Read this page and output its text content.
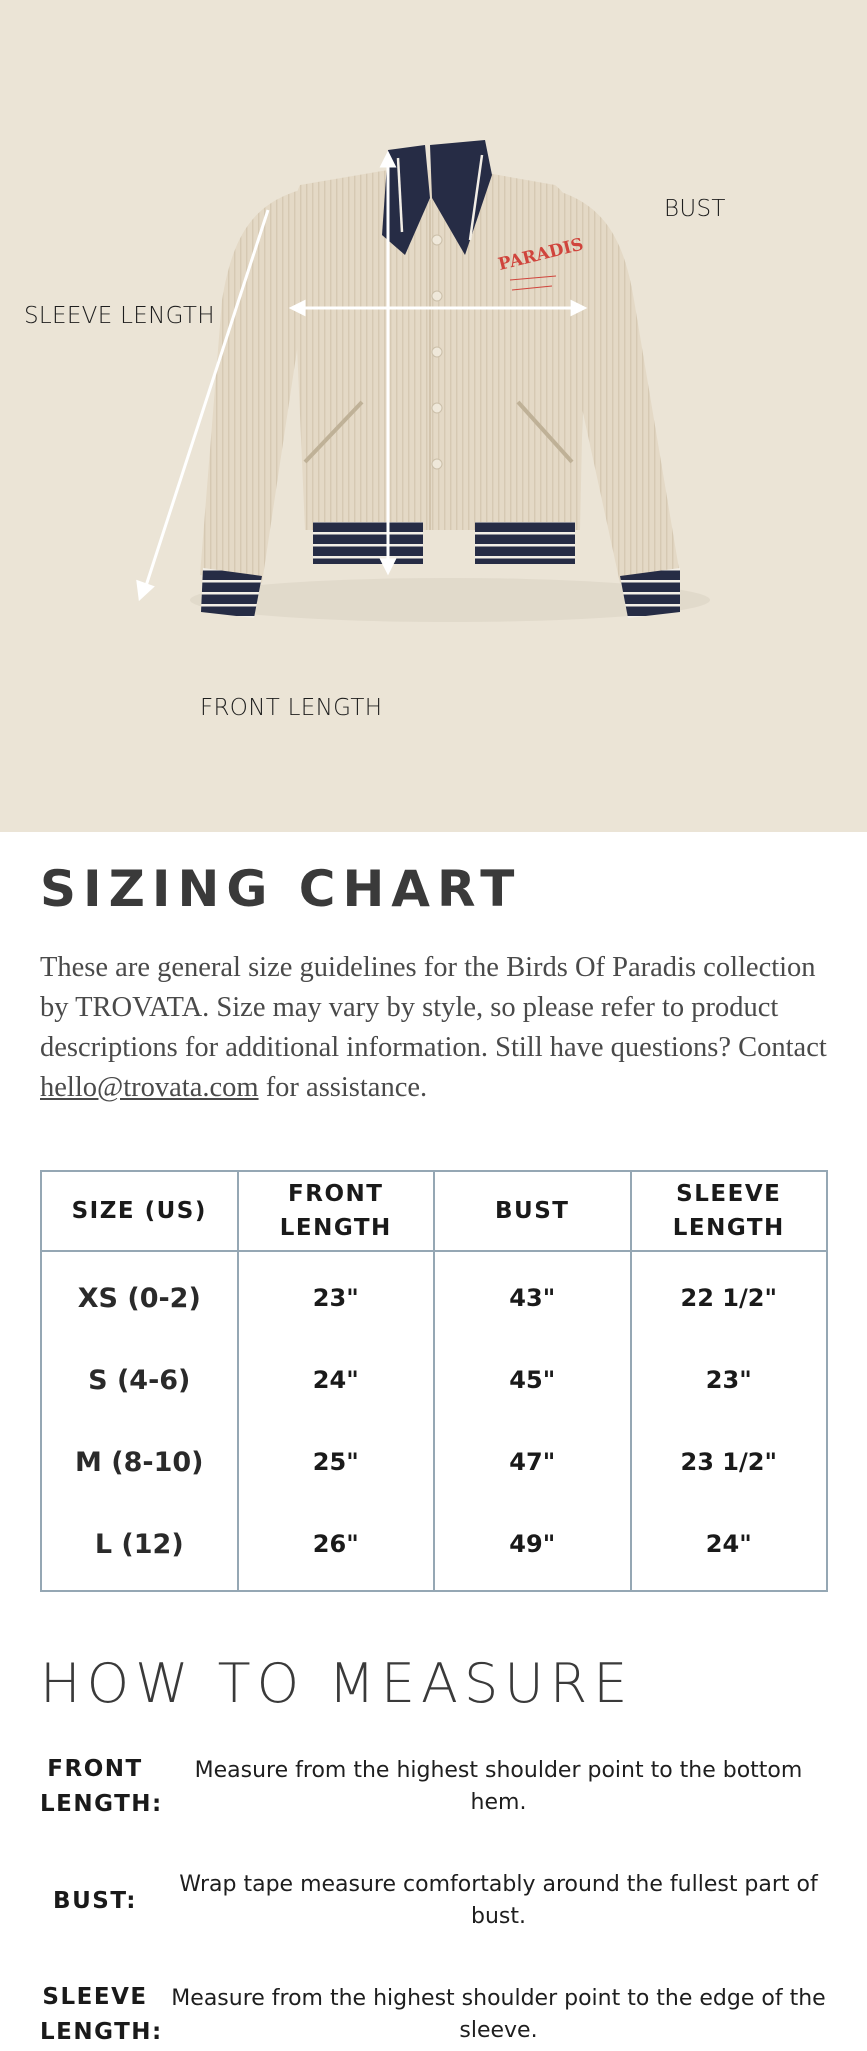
PARADIS
SLEEVE LENGTH
BUST
FRONT LENGTH
SIZING CHART

These are general size guidelines for the Birds Of Paradis collection by TROVATA. Size may vary by style, so please refer to product descriptions for additional information. Still have questions? Contact hello@trovata.com for assistance.

SIZE (US)	FRONT LENGTH	BUST	SLEEVE LENGTH
XS (0-2)	23"	43"	22 1/2"
S (4-6)	24"	45"	23"
M (8-10)	25"	47"	23 1/2"
L (12)	26"	49"	24"
HOW TO MEASURE
FRONT LENGTH:
Measure from the highest shoulder point to the bottom hem.
BUST:
Wrap tape measure comfortably around the fullest part of bust.
SLEEVE LENGTH:
Measure from the highest shoulder point to the edge of the sleeve.
